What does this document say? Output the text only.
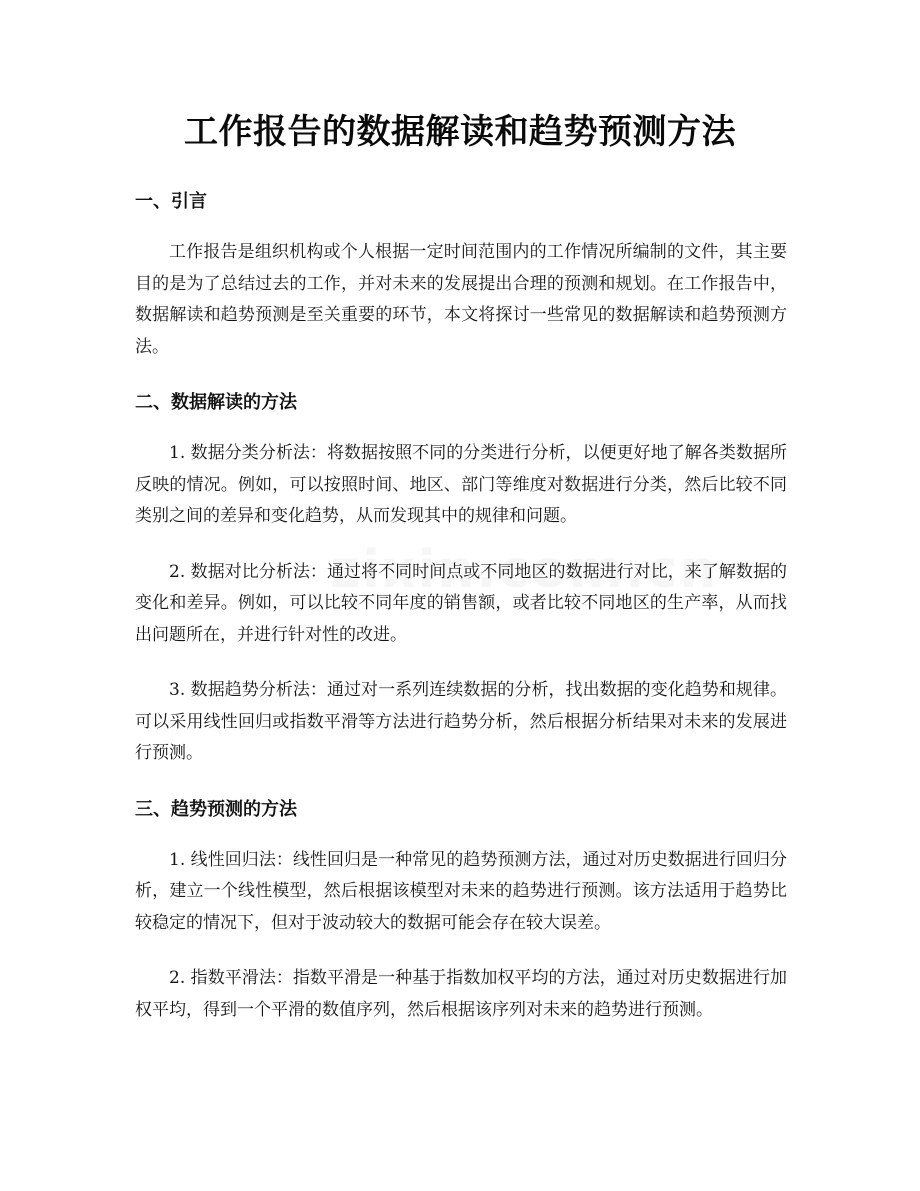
工作报告的数据解读和趋势预测方法
一、引言

工作报告是组织机构或个人根据一定时间范围内的工作情况所编制的文件，其主要目的是为了总结过去的工作，并对未来的发展提出合理的预测和规划。在工作报告中，数据解读和趋势预测是至关重要的环节，本文将探讨一些常见的数据解读和趋势预测方法。

二、数据解读的方法

1. 数据分类分析法：将数据按照不同的分类进行分析，以便更好地了解各类数据所反映的情况。例如，可以按照时间、地区、部门等维度对数据进行分类，然后比较不同类别之间的差异和变化趋势，从而发现其中的规律和问题。

2. 数据对比分析法：通过将不同时间点或不同地区的数据进行对比，来了解数据的变化和差异。例如，可以比较不同年度的销售额，或者比较不同地区的生产率，从而找出问题所在，并进行针对性的改进。

3. 数据趋势分析法：通过对一系列连续数据的分析，找出数据的变化趋势和规律。可以采用线性回归或指数平滑等方法进行趋势分析，然后根据分析结果对未来的发展进行预测。

三、趋势预测的方法

1. 线性回归法：线性回归是一种常见的趋势预测方法，通过对历史数据进行回归分析，建立一个线性模型，然后根据该模型对未来的趋势进行预测。该方法适用于趋势比较稳定的情况下，但对于波动较大的数据可能会存在较大误差。

2. 指数平滑法：指数平滑是一种基于指数加权平均的方法，通过对历史数据进行加权平均，得到一个平滑的数值序列，然后根据该序列对未来的趋势进行预测。
